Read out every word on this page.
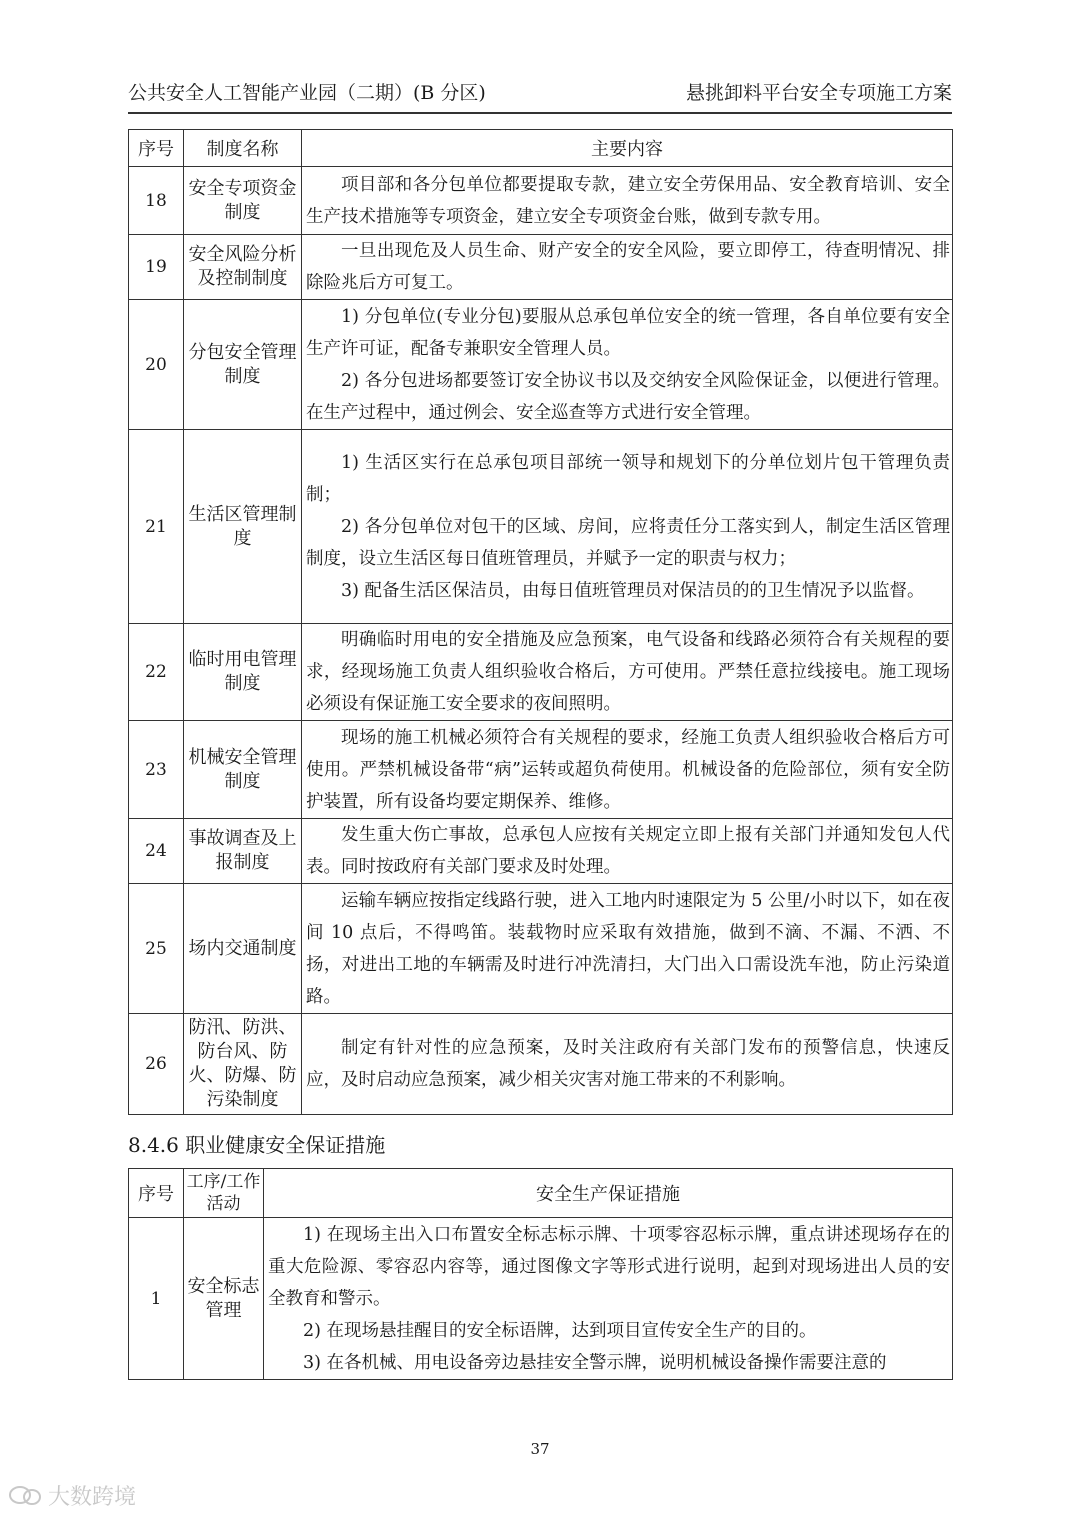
公共安全人工智能产业园（二期）(B 分区)	悬挑卸料平台安全专项施工方案
序号	制度名称	主要内容
18	安全专项资金制度	项目部和各分包单位都要提取专款，建立安全劳保用品、安全教育培训、安全生产技术措施等专项资金，建立安全专项资金台账，做到专款专用。

19	安全风险分析及控制制度	一旦出现危及人员生命、财产安全的安全风险，要立即停工，待查明情况、排除险兆后方可复工。

20	分包安全管理制度	1) 分包单位(专业分包)要服从总承包单位安全的统一管理，各自单位要有安全生产许可证，配备专兼职安全管理人员。

2) 各分包进场都要签订安全协议书以及交纳安全风险保证金，以便进行管理。在生产过程中，通过例会、安全巡查等方式进行安全管理。

21	生活区管理制度	1) 生活区实行在总承包项目部统一领导和规划下的分单位划片包干管理负责制；

2) 各分包单位对包干的区域、房间，应将责任分工落实到人，制定生活区管理制度，设立生活区每日值班管理员，并赋予一定的职责与权力；

3) 配备生活区保洁员，由每日值班管理员对保洁员的的卫生情况予以监督。

22	临时用电管理制度	明确临时用电的安全措施及应急预案，电气设备和线路必须符合有关规程的要求，经现场施工负责人组织验收合格后，方可使用。严禁任意拉线接电。施工现场必须设有保证施工安全要求的夜间照明。

23	机械安全管理制度	现场的施工机械必须符合有关规程的要求，经施工负责人组织验收合格后方可使用。严禁机械设备带“病”运转或超负荷使用。机械设备的危险部位，须有安全防护装置，所有设备均要定期保养、维修。

24	事故调查及上报制度	发生重大伤亡事故，总承包人应按有关规定立即上报有关部门并通知发包人代表。同时按政府有关部门要求及时处理。

25	场内交通制度	运输车辆应按指定线路行驶，进入工地内时速限定为 5 公里/小时以下，如在夜间 10 点后，不得鸣笛。装载物时应采取有效措施，做到不滴、不漏、不洒、不扬，对进出工地的车辆需及时进行冲洗清扫，大门出入口需设洗车池，防止污染道路。

26	防汛、防洪、防台风、防火、防爆、防污染制度	制定有针对性的应急预案，及时关注政府有关部门发布的预警信息，快速反应，及时启动应急预案，减少相关灾害对施工带来的不利影响。

8.4.6 职业健康安全保证措施
序号	工序/工作活动	安全生产保证措施
1	安全标志管理	1) 在现场主出入口布置安全标志标示牌、十项零容忍标示牌，重点讲述现场存在的重大危险源、零容忍内容等，通过图像文字等形式进行说明，起到对现场进出人员的安全教育和警示。

2) 在现场悬挂醒目的安全标语牌，达到项目宣传安全生产的目的。

3) 在各机械、用电设备旁边悬挂安全警示牌，说明机械设备操作需要注意的

37
大数跨境
